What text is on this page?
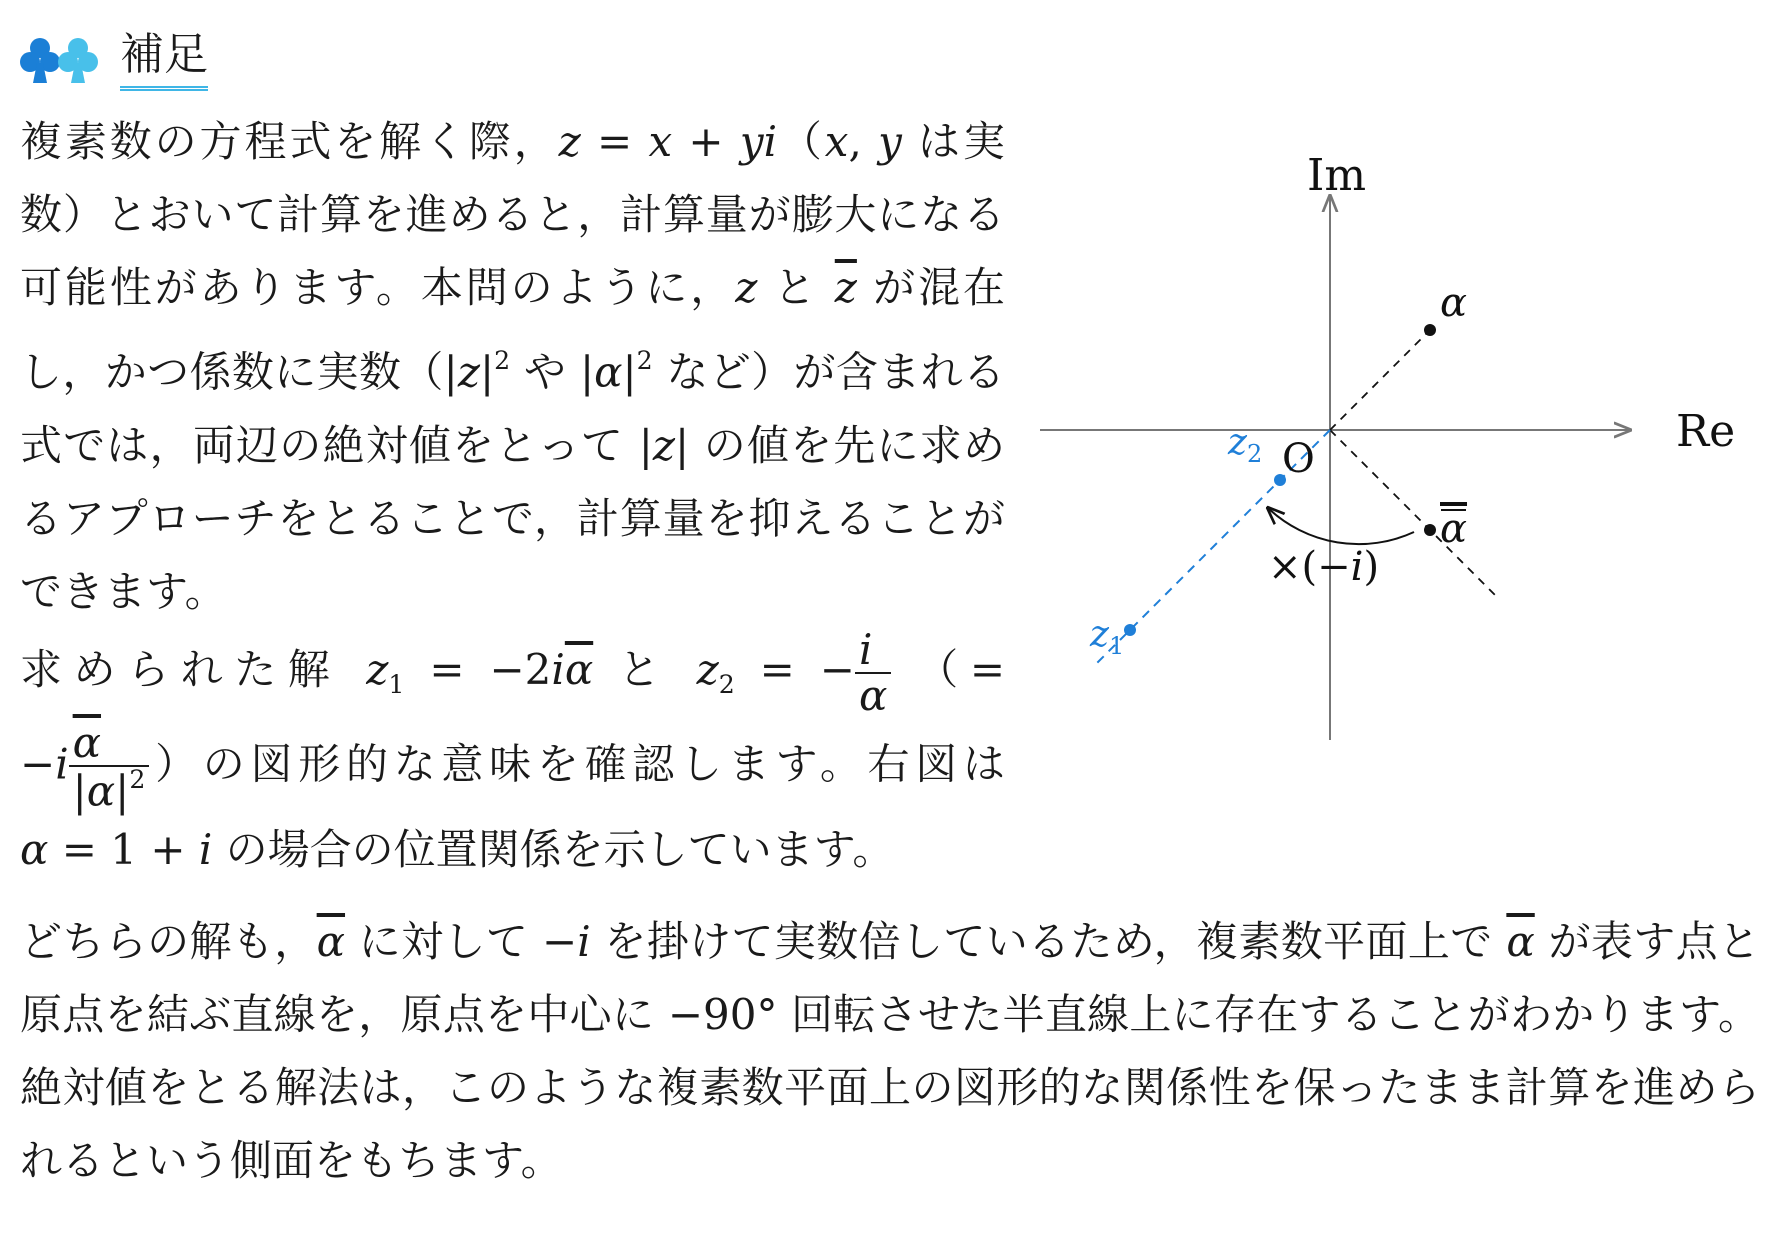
補足
複素数の方程式を解く際，z = x + yi（x, y は実
数）とおいて計算を進めると，計算量が膨大になる
可能性があります。本問のように，z と $\overline{z}$ が混在
し，かつ係数に実数（$|z|^2$ や $|\alpha|^2$ など）が含まれる
式では，両辺の絶対値をとって |z| の値を先に求め
るアプローチをとることで，計算量を抑えることが
できます。
求められた解 $z_1 = -2i\overline{\alpha}$ と $z_2$ = − $\frac{i}{\alpha}$ （=
$-i \frac{\overline{\alpha}}{|\alpha|^2}$ ）の図形的な意味を確認します。右図は
α = 1 + i の場合の位置関係を示しています。
Im
Re
α
α
O
$z_2$
$z_1$
×(−i)
どちらの解も，$\overline{\alpha}$ に対して −i を掛けて実数倍しているため，複素数平面上で $\overline{\alpha}$ が表す点と
原点を結ぶ直線を，原点を中心に −90° 回転させた半直線上に存在することがわかります。
絶対値をとる解法は，このような複素数平面上の図形的な関係性を保ったまま計算を進めら
れるという側面をもちます。
